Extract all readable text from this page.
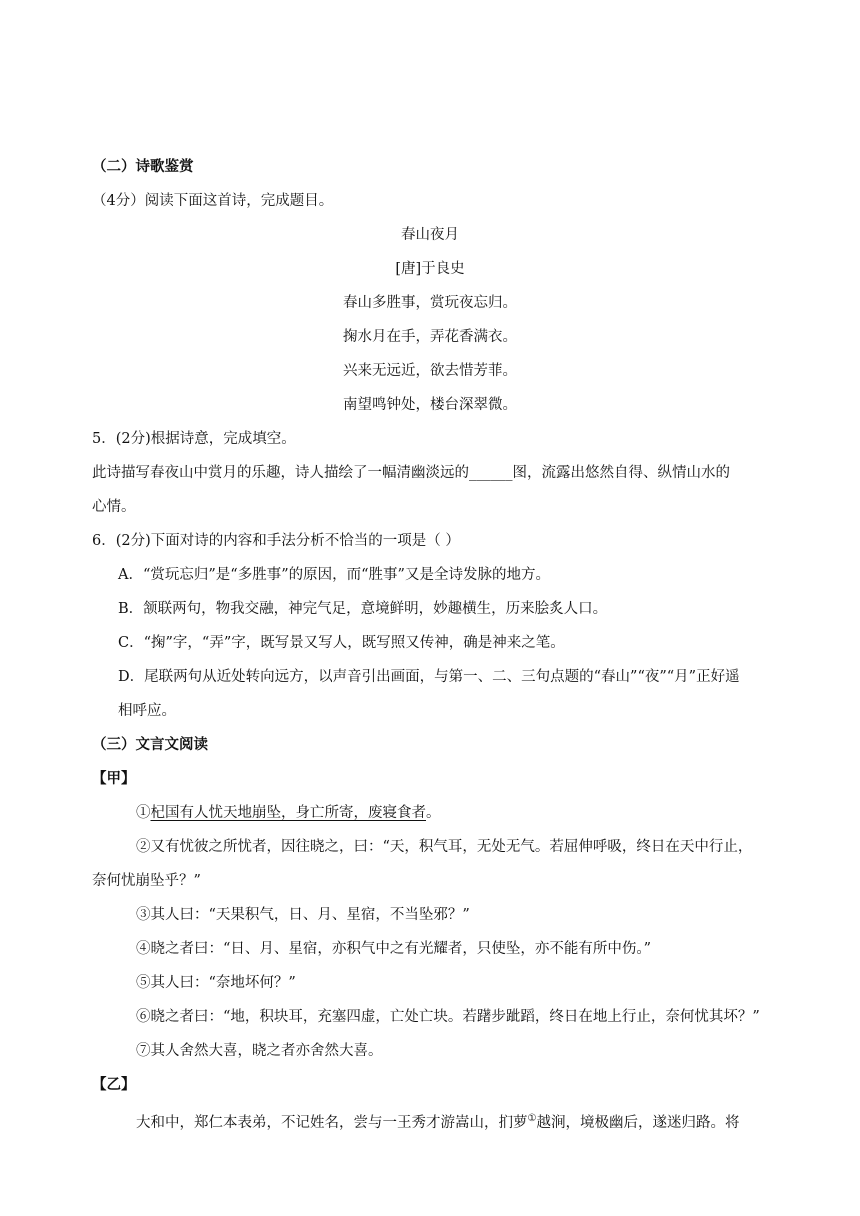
（二）诗歌鉴赏
（4分）阅读下面这首诗，完成题目。
春山夜月
[唐]于良史
春山多胜事，赏玩夜忘归。
掬水月在手，弄花香满衣。
兴来无远近，欲去惜芳菲。
南望鸣钟处，楼台深翠微。
5．(2分)根据诗意，完成填空。
此诗描写春夜山中赏月的乐趣，诗人描绘了一幅清幽淡远的______图，流露出悠然自得、纵情山水的
心情。
6．(2分)下面对诗的内容和手法分析不恰当的一项是（ ）
A．“赏玩忘归”是“多胜事”的原因，而“胜事”又是全诗发脉的地方。
B．颔联两句，物我交融，神完气足，意境鲜明，妙趣横生，历来脍炙人口。
C．“掬”字，“弄”字，既写景又写人，既写照又传神，确是神来之笔。
D．尾联两句从近处转向远方，以声音引出画面，与第一、二、三句点题的“春山”“夜”“月”正好遥
相呼应。
（三）文言文阅读
【甲】
①杞国有人忧天地崩坠，身亡所寄，废寝食者。
②又有忧彼之所忧者，因往晓之，曰：“天，积气耳，无处无气。若屈伸呼吸，终日在天中行止，
奈何忧崩坠乎？”
③其人曰：“天果积气，日、月、星宿，不当坠邪？”
④晓之者曰：“日、月、星宿，亦积气中之有光耀者，只使坠，亦不能有所中伤。”
⑤其人曰：“奈地坏何？”
⑥晓之者曰：“地，积块耳，充塞四虚，亡处亡块。若躇步跐蹈，终日在地上行止，奈何忧其坏？”
⑦其人舍然大喜，晓之者亦舍然大喜。
【乙】
大和中，郑仁本表弟，不记姓名，尝与一王秀才游嵩山，扪萝①越涧，境极幽后，遂迷归路。将
